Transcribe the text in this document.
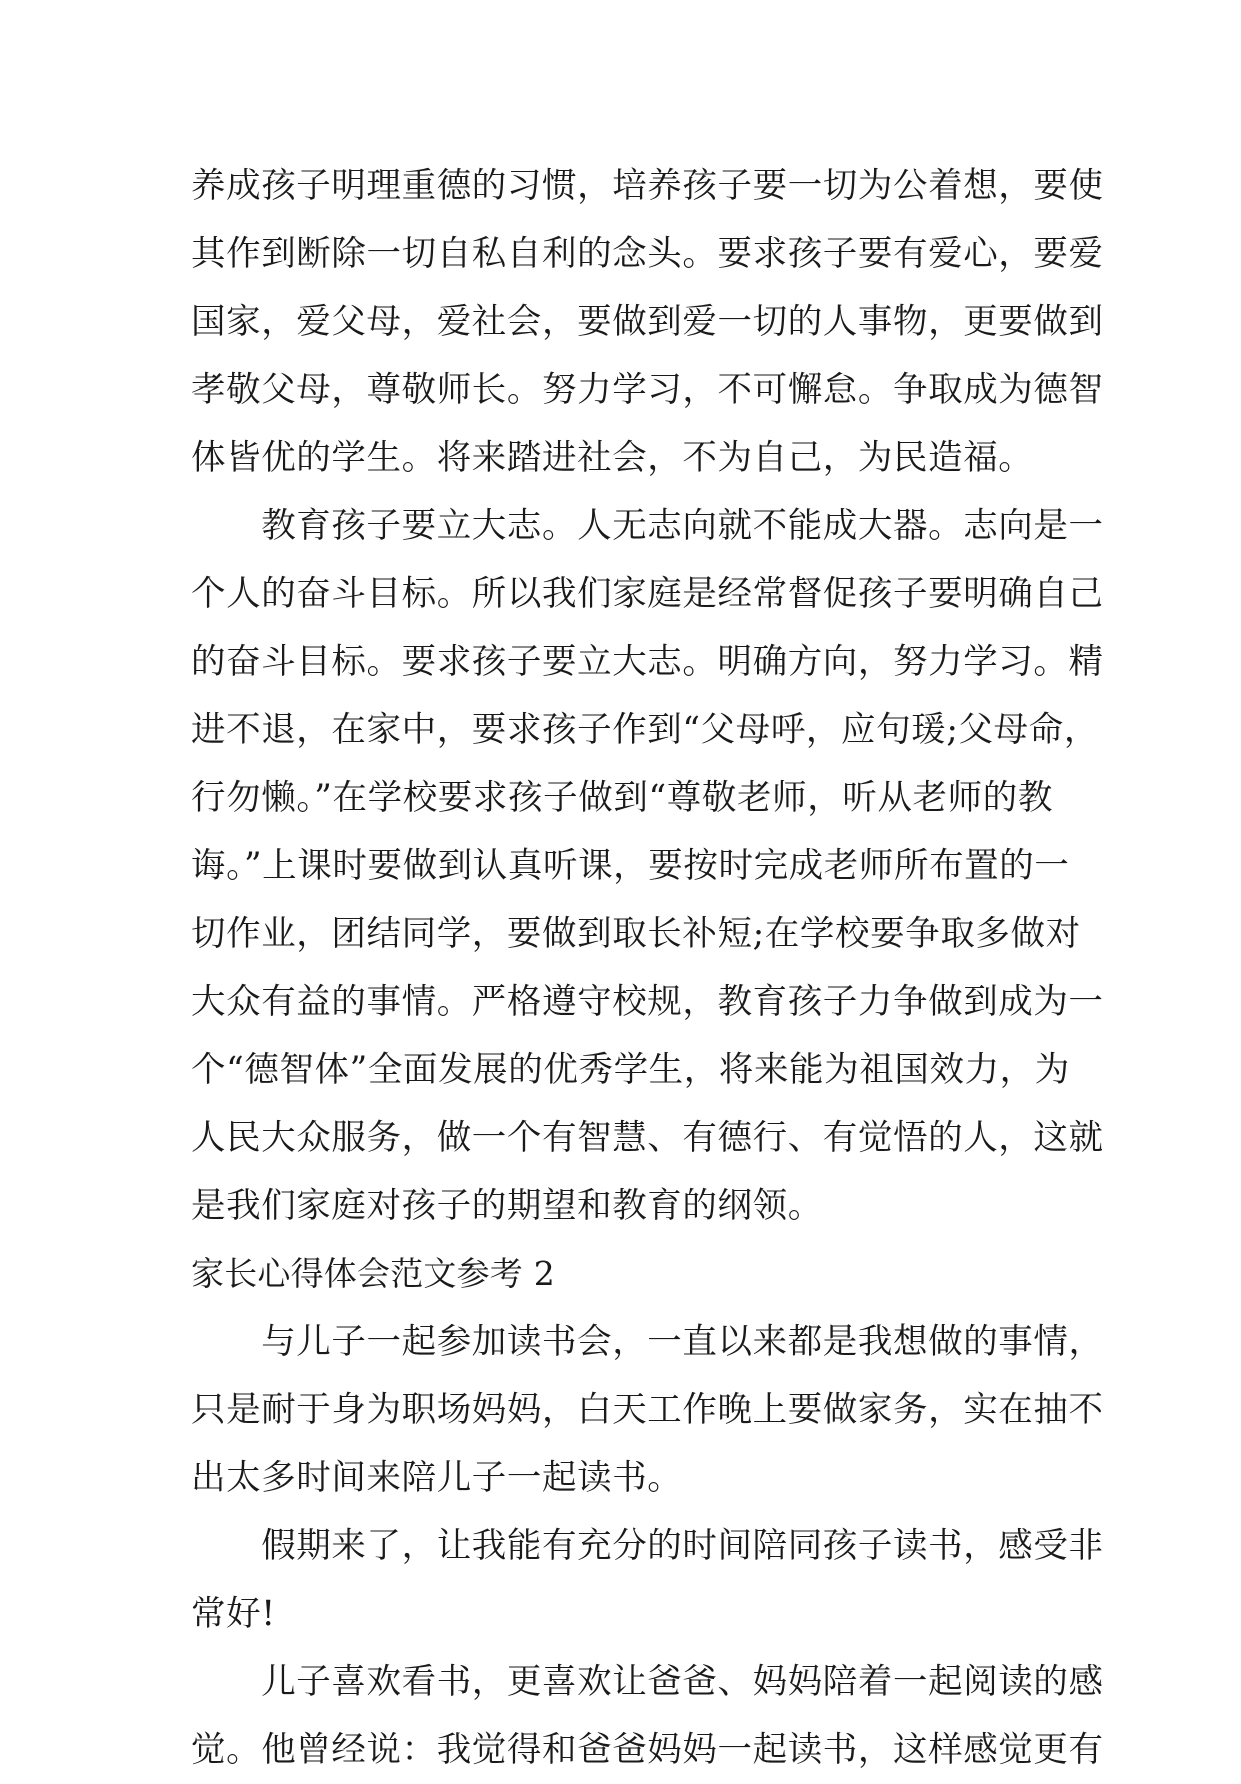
养成孩子明理重德的习惯，培养孩子要一切为公着想，要使
其作到断除一切自私自利的念头。要求孩子要有爱心，要爱
国家，爱父母，爱社会，要做到爱一切的人事物，更要做到
孝敬父母，尊敬师长。努力学习，不可懈怠。争取成为德智
体皆优的学生。将来踏进社会，不为自己，为民造福。
　　教育孩子要立大志。人无志向就不能成大器。志向是一
个人的奋斗目标。所以我们家庭是经常督促孩子要明确自己
的奋斗目标。要求孩子要立大志。明确方向，努力学习。精
进不退，在家中，要求孩子作到“父母呼，应句瑗;父母命，
行勿懒。”在学校要求孩子做到“尊敬老师，听从老师的教
诲。”上课时要做到认真听课，要按时完成老师所布置的一
切作业，团结同学，要做到取长补短;在学校要争取多做对
大众有益的事情。严格遵守校规，教育孩子力争做到成为一
个“德智体”全面发展的优秀学生，将来能为祖国效力，为
人民大众服务，做一个有智慧、有德行、有觉悟的人，这就
是我们家庭对孩子的期望和教育的纲领。
家长心得体会范文参考 2
　　与儿子一起参加读书会，一直以来都是我想做的事情，
只是耐于身为职场妈妈，白天工作晚上要做家务，实在抽不
出太多时间来陪儿子一起读书。
　　假期来了，让我能有充分的时间陪同孩子读书，感受非
常好!
　　儿子喜欢看书，更喜欢让爸爸、妈妈陪着一起阅读的感
觉。他曾经说：我觉得和爸爸妈妈一起读书，这样感觉更有
